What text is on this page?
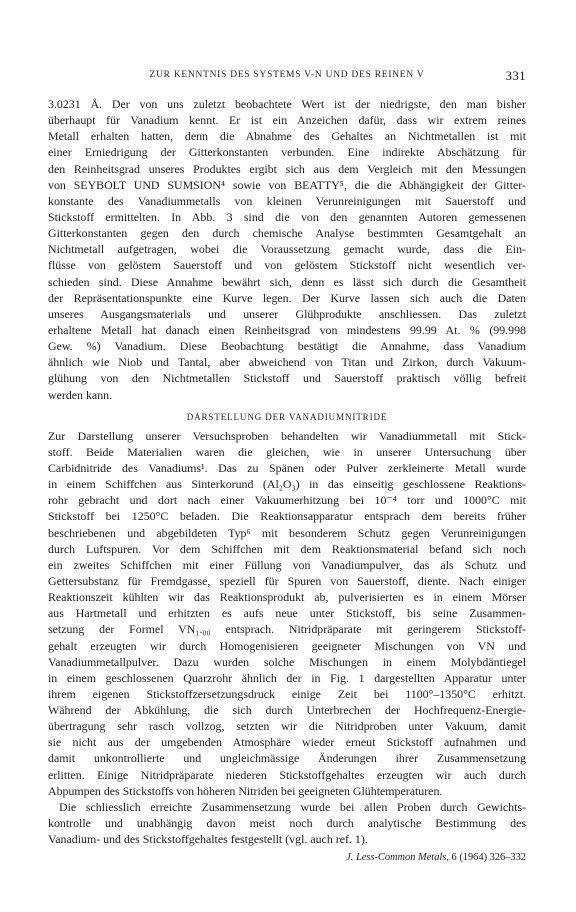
ZUR KENNTNIS DES SYSTEMS V-N UND DES REINEN V	331
3.0231 Å. Der von uns zuletzt beobachtete Wert ist der niedrigste, den man bisher
überhaupt für Vanadium kennt. Er ist ein Anzeichen dafür, dass wir extrem reines
Metall erhalten hatten, denn die Abnahme des Gehaltes an Nichtmetallen ist mit
einer Erniedrigung der Gitterkonstanten verbunden. Eine indirekte Abschätzung für
den Reinheitsgrad unseres Produktes ergibt sich aus dem Vergleich mit den Messungen
von SEYBOLT UND SUMSION⁴ sowie von BEATTY⁵, die die Abhängigkeit der Gitter-
konstante des Vanadiummetalls von kleinen Verunreinigungen mit Sauerstoff und
Stickstoff ermittelten. In Abb. 3 sind die von den genannten Autoren gemessenen
Gitterkonstanten gegen den durch chemische Analyse bestimmten Gesamtgehalt an
Nichtmetall aufgetragen, wobei die Voraussetzung gemacht wurde, dass die Ein-
flüsse von gelöstem Sauerstoff und von gelöstem Stickstoff nicht wesentlich ver-
schieden sind. Diese Annahme bewährt sich, denn es lässt sich durch die Gesamtheit
der Repräsentationspunkte eine Kurve legen. Der Kurve lassen sich auch die Daten
unseres Ausgangsmaterials und unserer Glühprodukte anschliessen. Das zuletzt
erhaltene Metall hat danach einen Reinheitsgrad von mindestens 99.99 At. % (99.998
Gew. %) Vanadium. Diese Beobachtung bestätigt die Annahme, dass Vanadium
ähnlich wie Niob und Tantal, aber abweichend von Titan und Zirkon, durch Vakuum-
glühung von den Nichtmetallen Stickstoff und Sauerstoff praktisch völlig befreit
werden kann.
DARSTELLUNG DER VANADIUMNITRIDE
Zur Darstellung unserer Versuchsproben behandelten wir Vanadiummetall mit Stick-
stoff. Beide Materialien waren die gleichen, wie in unserer Untersuchung über
Carbidnitride des Vanadiums¹. Das zu Spänen oder Pulver zerkleinerte Metall wurde
in einem Schiffchen aus Sinterkorund (Al₂O₃) in das einseitig geschlossene Reaktions-
rohr gebracht und dort nach einer Vakuumerhitzung bei 10⁻⁴ torr und 1000°C mit
Stickstoff bei 1250°C beladen. Die Reaktionsapparatur entsprach dem bereits früher
beschriebenen und abgebildeten Typ⁶ mit besonderem Schutz gegen Verunreinigungen
durch Luftspuren. Vor dem Schiffchen mit dem Reaktionsmaterial befand sich noch
ein zweites Schiffchen mit einer Füllung von Vanadiumpulver, das als Schutz und
Gettersubstanz für Fremdgasse, speziell für Spuren von Sauerstoff, diente. Nach einiger
Reaktionszeit kühlten wir das Reaktionsprodukt ab, pulverisierten es in einem Mörser
aus Hartmetall und erhitzten es aufs neue unter Stickstoff, bis seine Zusammen-
setzung der Formel VN₁.₀₀ entsprach. Nitridpräparate mit geringerem Stickstoff-
gehalt erzeugten wir durch Homogenisieren geeigneter Mischungen von VN und
Vanadiummetallpulver. Dazu wurden solche Mischungen in einem Molybdäntiegel
in einem geschlossenen Quarzrohr ähnlich der in Fig. 1 dargestellten Apparatur unter
ihrem eigenen Stickstoffzersetzungsdruck einige Zeit bei 1100°–1350°C erhitzt.
Während der Abkühlung, die sich durch Unterbrechen der Hochfrequenz-Energie-
übertragung sehr rasch vollzog, setzten wir die Nitridproben unter Vakuum, damit
sie nicht aus der umgebenden Atmosphäre wieder erneut Stickstoff aufnahmen und
damit unkontrollierte und ungleichmässige Änderungen ihrer Zusammensetzung
erlitten. Einige Nitridpräparate niederen Stickstoffgehaltes erzeugten wir auch durch
Abpumpen des Stickstoffs von höheren Nitriden bei geeigneten Glühtemperaturen.
Die schliesslich erreichte Zusammensetzung wurde bei allen Proben durch Gewichts-
kontrolle und unabhängig davon meist noch durch analytische Bestimmung des
Vanadium- und des Stickstoffgehaltes festgestellt (vgl. auch ref. 1).
J. Less-Common Metals, 6 (1964) 326–332
